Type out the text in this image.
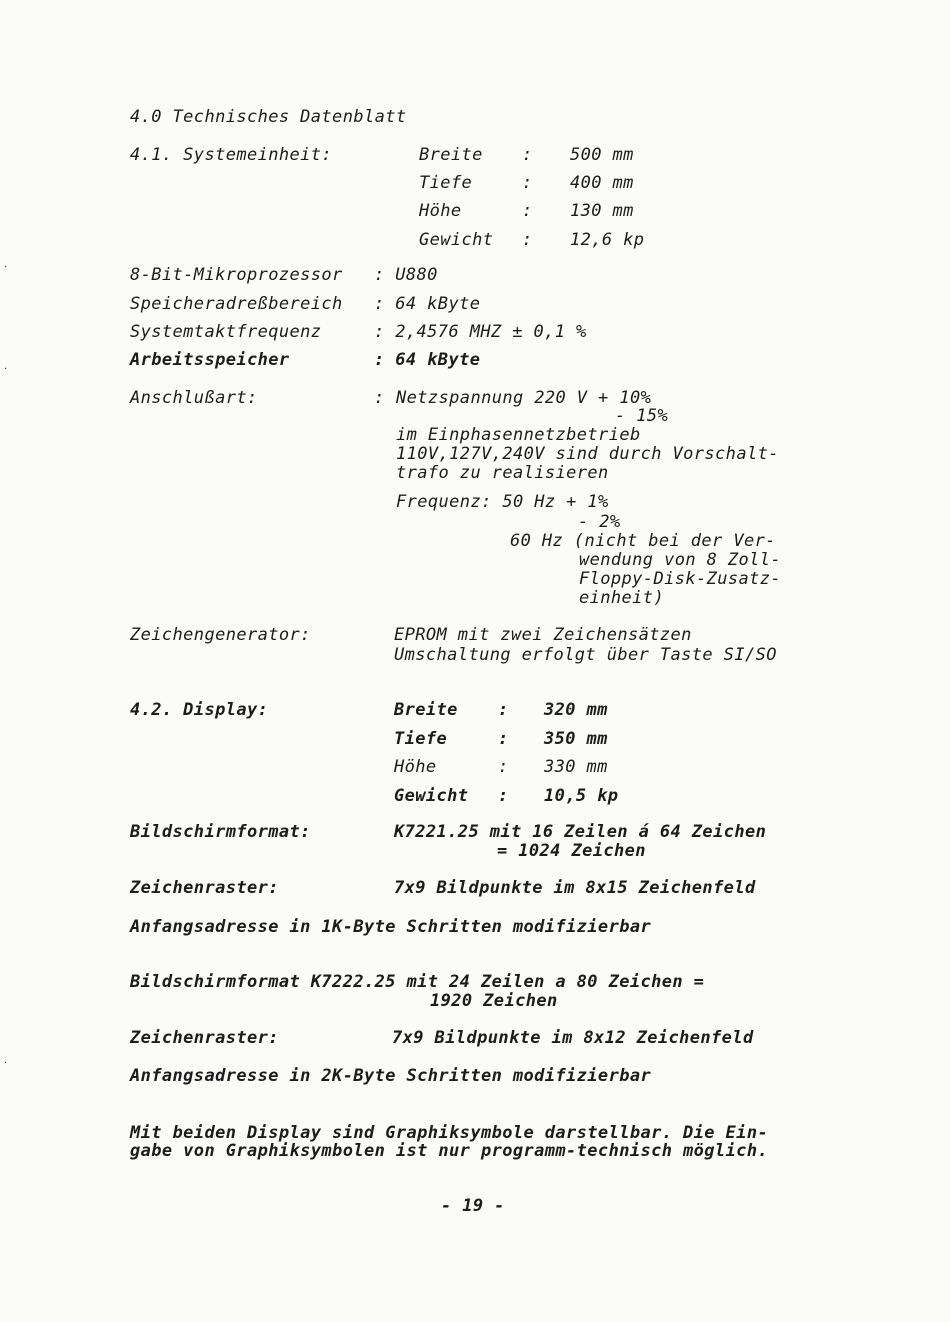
4.0 Technisches Datenblatt
4.1. Systemeinheit:	Breite : 500 mm
Tiefe	: 400 mm
Höhe	: 130 mm
Gewicht : 12,6 kp
8-Bit-Mikroprozessor : U880
Speicheradreßbereich : 64 kByte
Systemtaktfrequenz	: 2,4576 MHZ ± 0,1 %
Arbeitsspeicher	: 64 kByte
Anschlußart:	: Netzspannung 220 V + 10%
- 15%
im Einphasennetzbetrieb
110V,127V,240V sind durch Vorschalt-
trafo zu realisieren
Frequenz: 50 Hz + 1%
- 2%
60 Hz (nicht bei der Ver-
wendung von 8 Zoll-
Floppy-Disk-Zusatz-
einheit)
Zeichengenerator:	EPROM mit zwei Zeichensätzen
Umschaltung erfolgt über Taste SI/SO
4.2. Display:	Breite : 320 mm
Tiefe	: 350 mm
Höhe	: 330 mm
Gewicht : 10,5 kp
Bildschirmformat:	K7221.25 mit 16 Zeilen á 64 Zeichen
= 1024 Zeichen
Zeichenraster:	7x9 Bildpunkte im 8x15 Zeichenfeld
Anfangsadresse in 1K-Byte Schritten modifizierbar
Bildschirmformat K7222.25 mit 24 Zeilen a 80 Zeichen =
1920 Zeichen
Zeichenraster:	7x9 Bildpunkte im 8x12 Zeichenfeld
Anfangsadresse in 2K-Byte Schritten modifizierbar
Mit beiden Display sind Graphiksymbole darstellbar. Die Ein-
gabe von Graphiksymbolen ist nur programm-technisch möglich.
- 19 -
·
·
·
